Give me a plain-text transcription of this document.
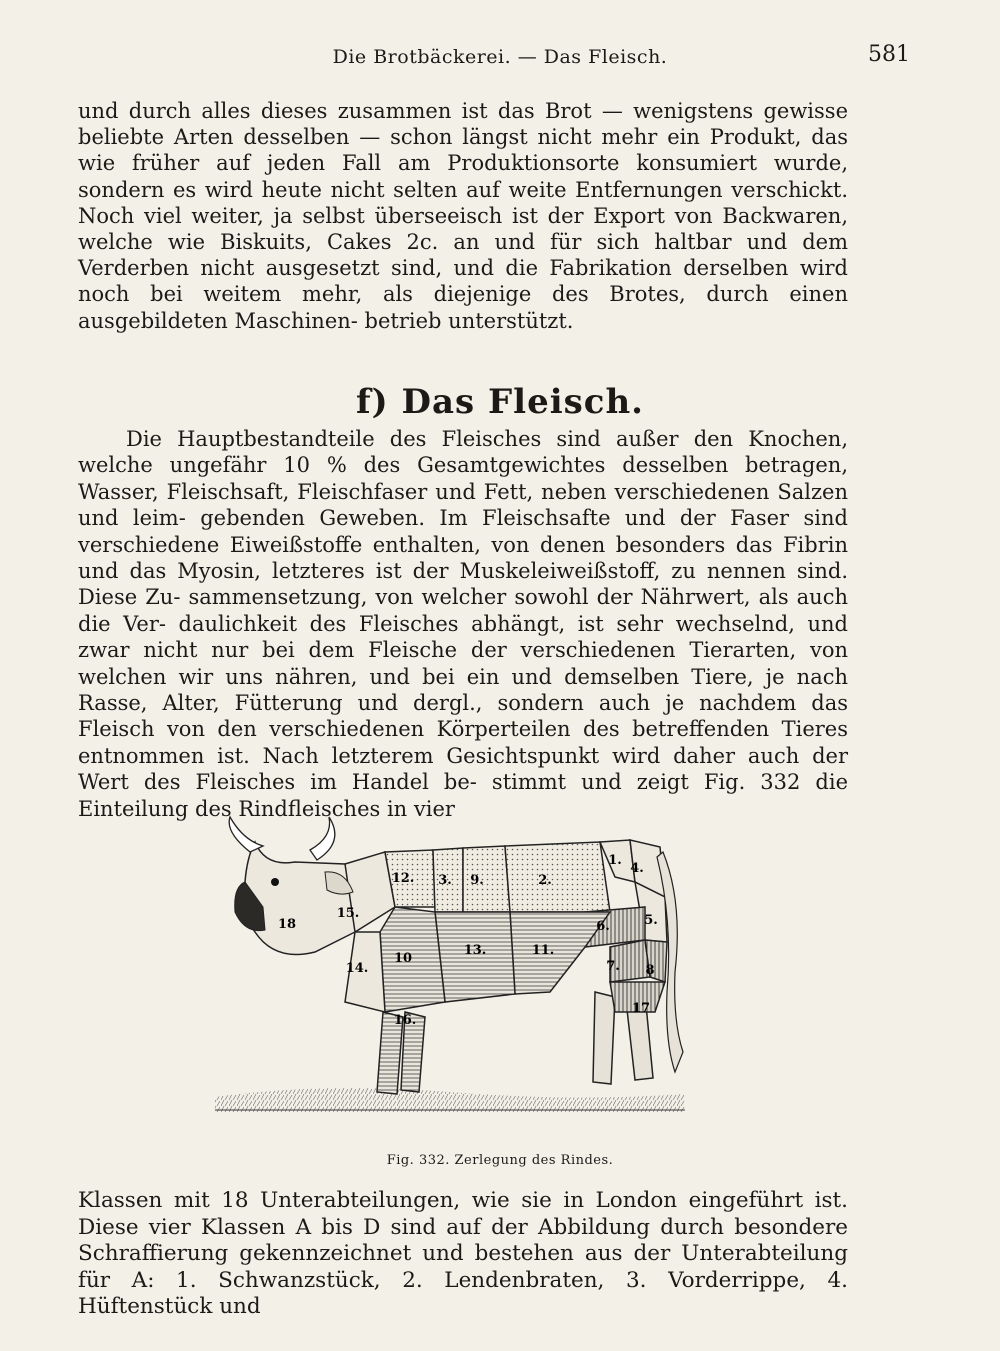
Die Brotbäckerei. — Das Fleisch.	581
und durch alles dieses zusammen ist das Brot — wenigstens gewisse beliebte Arten desselben — schon längst nicht mehr ein Produkt, das wie früher auf jeden Fall am Produktionsorte konsumiert wurde, sondern es wird heute nicht selten auf weite Entfernungen verschickt. Noch viel weiter, ja selbst überseeisch ist der Export von Backwaren, welche wie Biskuits, Cakes 2c. an und für sich haltbar und dem Verderben nicht ausgesetzt sind, und die Fabrikation derselben wird noch bei weitem mehr, als diejenige des Brotes, durch einen ausgebildeten Maschinen- betrieb unterstützt.
f) Das Fleisch.
Die Hauptbestandteile des Fleisches sind außer den Knochen, welche ungefähr 10 % des Gesamtgewichtes desselben betragen, Wasser, Fleischsaft, Fleischfaser und Fett, neben verschiedenen Salzen und leim- gebenden Geweben. Im Fleischsafte und der Faser sind verschiedene Eiweißstoffe enthalten, von denen besonders das Fibrin und das Myosin, letzteres ist der Muskeleiweißstoff, zu nennen sind. Diese Zu- sammensetzung, von welcher sowohl der Nährwert, als auch die Ver- daulichkeit des Fleisches abhängt, ist sehr wechselnd, und zwar nicht nur bei dem Fleische der verschiedenen Tierarten, von welchen wir uns nähren, und bei ein und demselben Tiere, je nach Rasse, Alter, Fütterung und dergl., sondern auch je nachdem das Fleisch von den verschiedenen Körperteilen des betreffenden Tieres entnommen ist. Nach letzterem Gesichtspunkt wird daher auch der Wert des Fleisches im Handel be- stimmt und zeigt Fig. 332 die Einteilung des Rindfleisches in vier
1.
2.
3.
4.
5.
6.
7. 8
9.
10
11.
12.
13.
14.
15.
16.
17
18
Fig. 332. Zerlegung des Rindes.
Klassen mit 18 Unterabteilungen, wie sie in London eingeführt ist. Diese vier Klassen A bis D sind auf der Abbildung durch besondere Schraffierung gekennzeichnet und bestehen aus der Unterabteilung für A: 1. Schwanzstück, 2. Lendenbraten, 3. Vorderrippe, 4. Hüftenstück und
